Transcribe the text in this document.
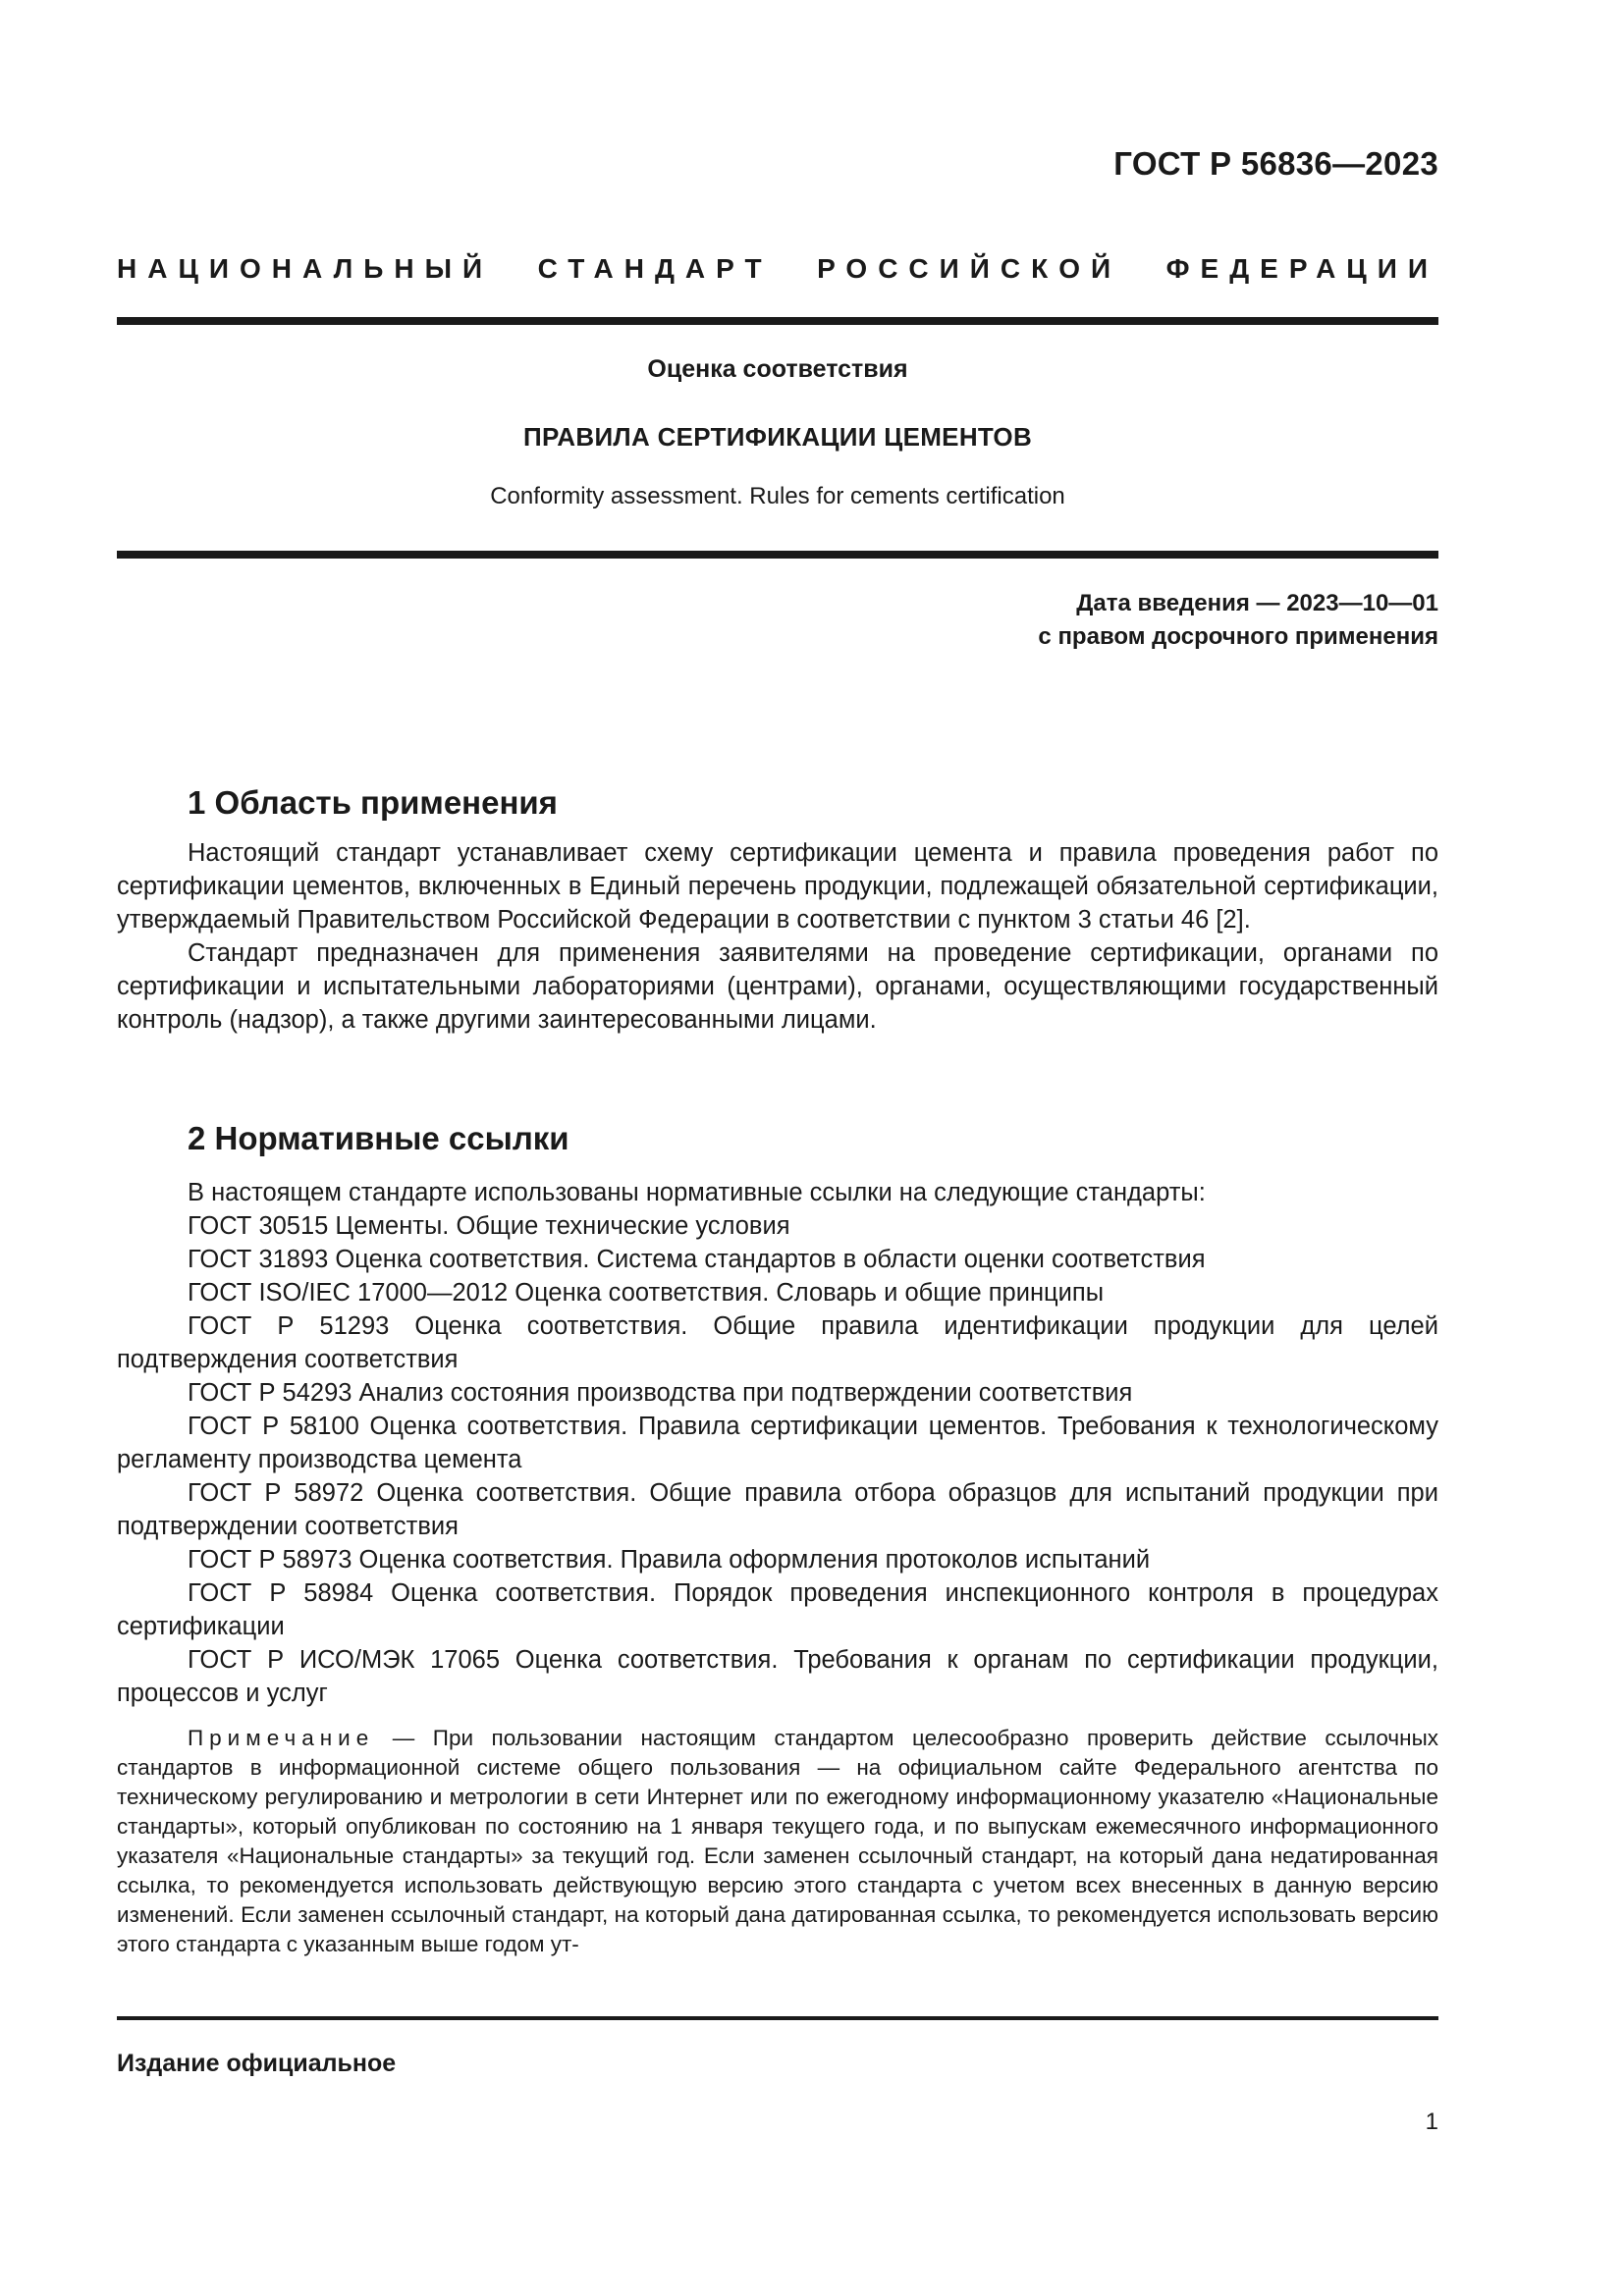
ГОСТ Р 56836—2023
НАЦИОНАЛЬНЫЙ СТАНДАРТ РОССИЙСКОЙ ФЕДЕРАЦИИ
Оценка соответствия
ПРАВИЛА СЕРТИФИКАЦИИ ЦЕМЕНТОВ
Conformity assessment. Rules for cements certification
Дата введения — 2023—10—01
с правом досрочного применения
1 Область применения

Настоящий стандарт устанавливает схему сертификации цемента и правила проведения работ по сертификации цементов, включенных в Единый перечень продукции, подлежащей обязательной сертификации, утверждаемый Правительством Российской Федерации в соответствии с пунктом 3 статьи 46 [2].

Стандарт предназначен для применения заявителями на проведение сертификации, органами по сертификации и испытательными лабораториями (центрами), органами, осуществляющими государственный контроль (надзор), а также другими заинтересованными лицами.

2 Нормативные ссылки

В настоящем стандарте использованы нормативные ссылки на следующие стандарты:

ГОСТ 30515 Цементы. Общие технические условия

ГОСТ 31893 Оценка соответствия. Система стандартов в области оценки соответствия

ГОСТ ISO/IEC 17000—2012 Оценка соответствия. Словарь и общие принципы

ГОСТ Р 51293 Оценка соответствия. Общие правила идентификации продукции для целей подтверждения соответствия

ГОСТ Р 54293 Анализ состояния производства при подтверждении соответствия

ГОСТ Р 58100 Оценка соответствия. Правила сертификации цементов. Требования к технологическому регламенту производства цемента

ГОСТ Р 58972 Оценка соответствия. Общие правила отбора образцов для испытаний продукции при подтверждении соответствия

ГОСТ Р 58973 Оценка соответствия. Правила оформления протоколов испытаний

ГОСТ Р 58984 Оценка соответствия. Порядок проведения инспекционного контроля в процедурах сертификации

ГОСТ Р ИСО/МЭК 17065 Оценка соответствия. Требования к органам по сертификации продукции, процессов и услуг

Примечание — При пользовании настоящим стандартом целесообразно проверить действие ссылочных стандартов в информационной системе общего пользования — на официальном сайте Федерального агентства по техническому регулированию и метрологии в сети Интернет или по ежегодному информационному указателю «Национальные стандарты», который опубликован по состоянию на 1 января текущего года, и по выпускам ежемесячного информационного указателя «Национальные стандарты» за текущий год. Если заменен ссылочный стандарт, на который дана недатированная ссылка, то рекомендуется использовать действующую версию этого стандарта с учетом всех внесенных в данную версию изменений. Если заменен ссылочный стандарт, на который дана датированная ссылка, то рекомендуется использовать версию этого стандарта с указанным выше годом ут-

Издание официальное
1
